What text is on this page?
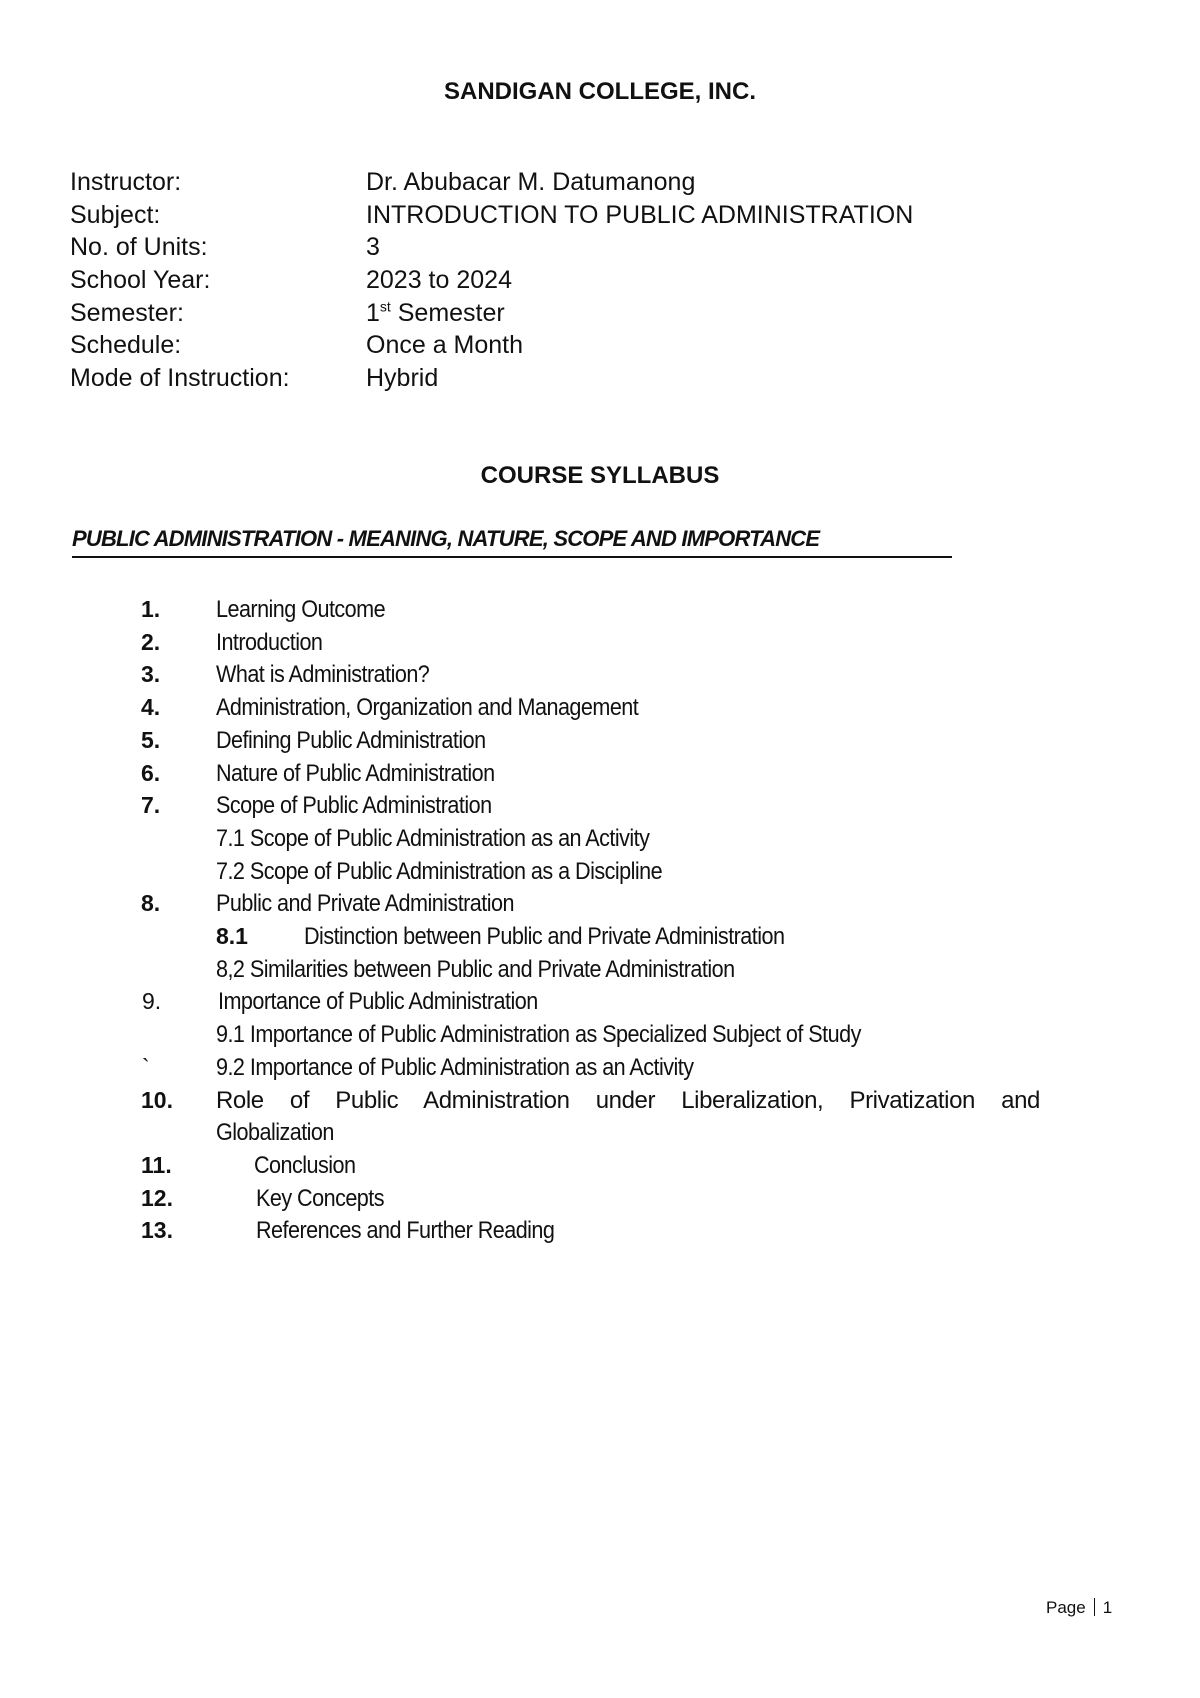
SANDIGAN COLLEGE, INC.
Instructor:	Dr. Abubacar M. Datumanong
Subject:	INTRODUCTION TO PUBLIC ADMINISTRATION
No. of Units:	3
School Year:	2023 to 2024
Semester:	1st Semester
Schedule:	Once a Month
Mode of Instruction:	Hybrid
COURSE SYLLABUS
PUBLIC ADMINISTRATION - MEANING, NATURE, SCOPE AND IMPORTANCE
1. Learning Outcome
2. Introduction
3. What is Administration?
4. Administration, Organization and Management
5. Defining Public Administration
6. Nature of Public Administration
7. Scope of Public Administration
7.1 Scope of Public Administration as an Activity
7.2 Scope of Public Administration as a Discipline
8. Public and Private Administration
8.1 Distinction between Public and Private Administration
8,2 Similarities between Public and Private Administration
9. Importance of Public Administration
9.1 Importance of Public Administration as Specialized Subject of Study
`	9.2 Importance of Public Administration as an Activity
10. Role of Public Administration under Liberalization, Privatization and
Globalization
11.	Conclusion
12.	Key Concepts
13.	References and Further Reading
Page 1
